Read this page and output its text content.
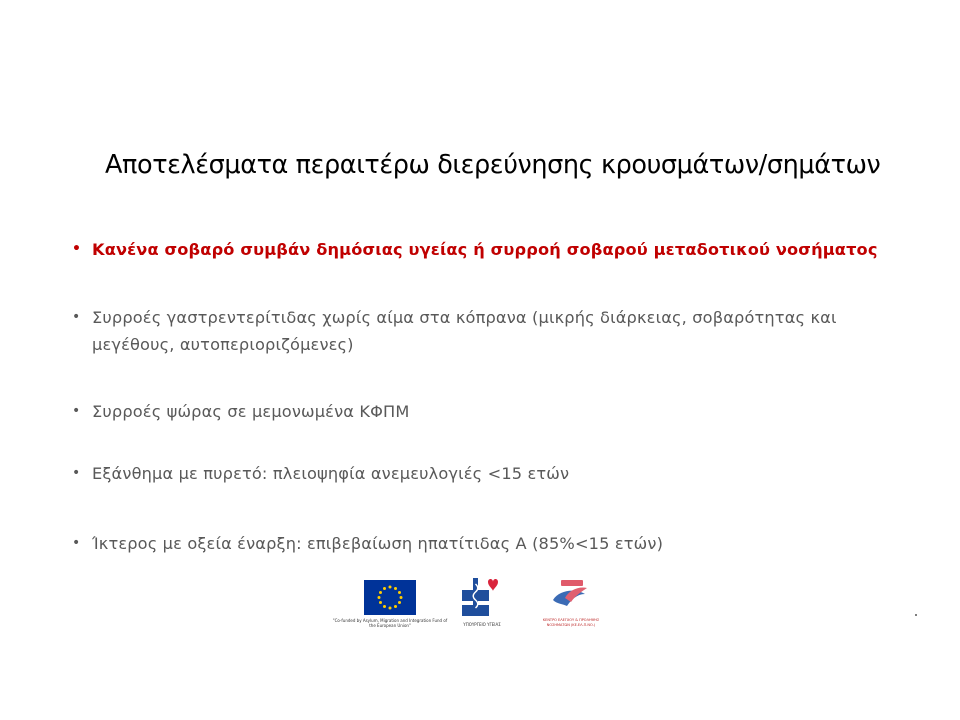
Αποτελέσματα περαιτέρω διερεύνησης κρουσμάτων/σημάτων
• Κανένα σοβαρό συμβάν δημόσιας υγείας ή συρροή σοβαρού μεταδοτικού νοσήματος
• Συρροές γαστρεντερίτιδας χωρίς αίμα στα κόπρανα (μικρής διάρκειας, σοβαρότητας και μεγέθους, αυτοπεριοριζόμενες)
• Συρροές ψώρας σε μεμονωμένα ΚΦΠΜ
• Εξάνθημα με πυρετό: πλειοψηφία ανεμευλογιές <15 ετών
• Ίκτερος με οξεία έναρξη: επιβεβαίωση ηπατίτιδας Α (85%<15 ετών)
"Co-funded by Asylum, Migration and Integration Fund of the European Union"	ΥΠΟΥΡΓΕΙΟ ΥΓΕΙΑΣ
ΚΕΝΤΡΟ ΕΛΕΓΧΟΥ & ΠΡΟΛΗΨΗΣ ΝΟΣΗΜΑΤΩΝ (ΚΕ.ΕΛ.Π.ΝΟ.)
